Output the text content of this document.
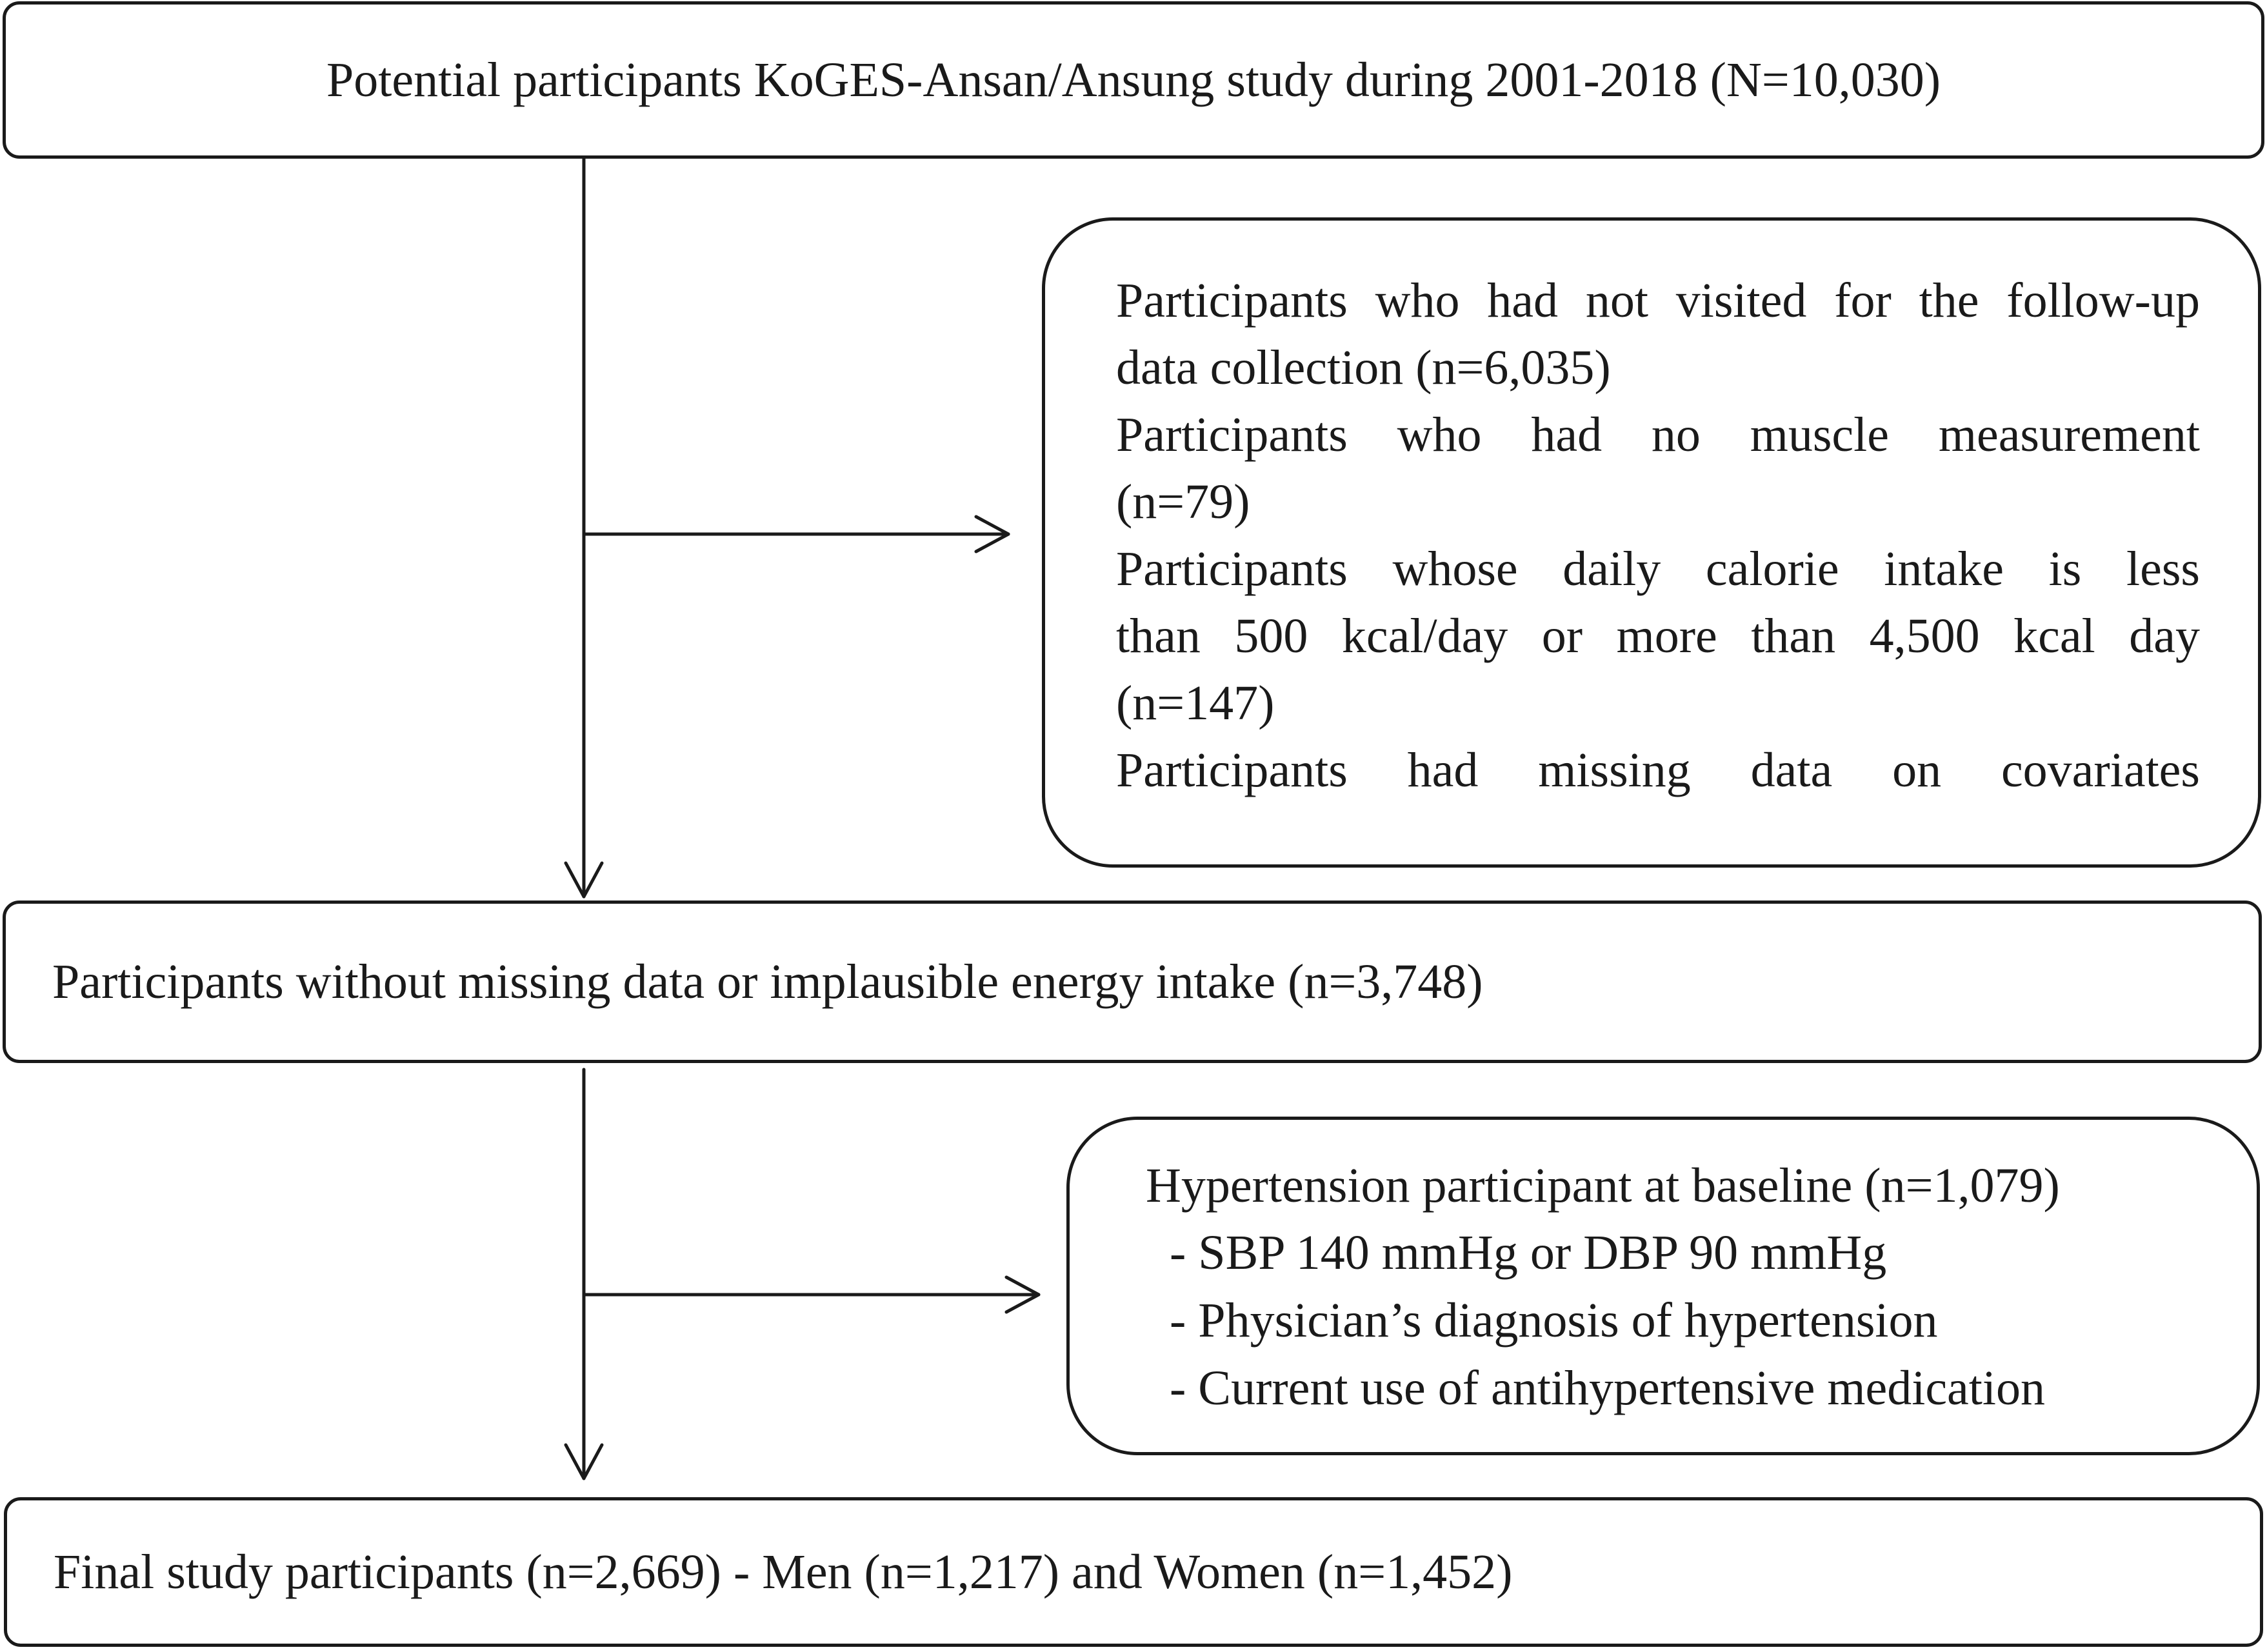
Potential participants KoGES-Ansan/Ansung study during 2001-2018 (N=10,030)
Participants who had not visited for the follow-up
data collection (n=6,035)
Participants who had no muscle measurement
(n=79)
Participants whose daily calorie intake is less
than 500 kcal/day or more than 4,500 kcal day
(n=147)
Participants had missing data on covariates
Participants without missing data or implausible energy intake (n=3,748)
Hypertension participant at baseline (n=1,079)
- SBP 140 mmHg or DBP 90 mmHg
- Physician’s diagnosis of hypertension
- Current use of antihypertensive medication
Final study participants (n=2,669) - Men (n=1,217) and Women (n=1,452)
